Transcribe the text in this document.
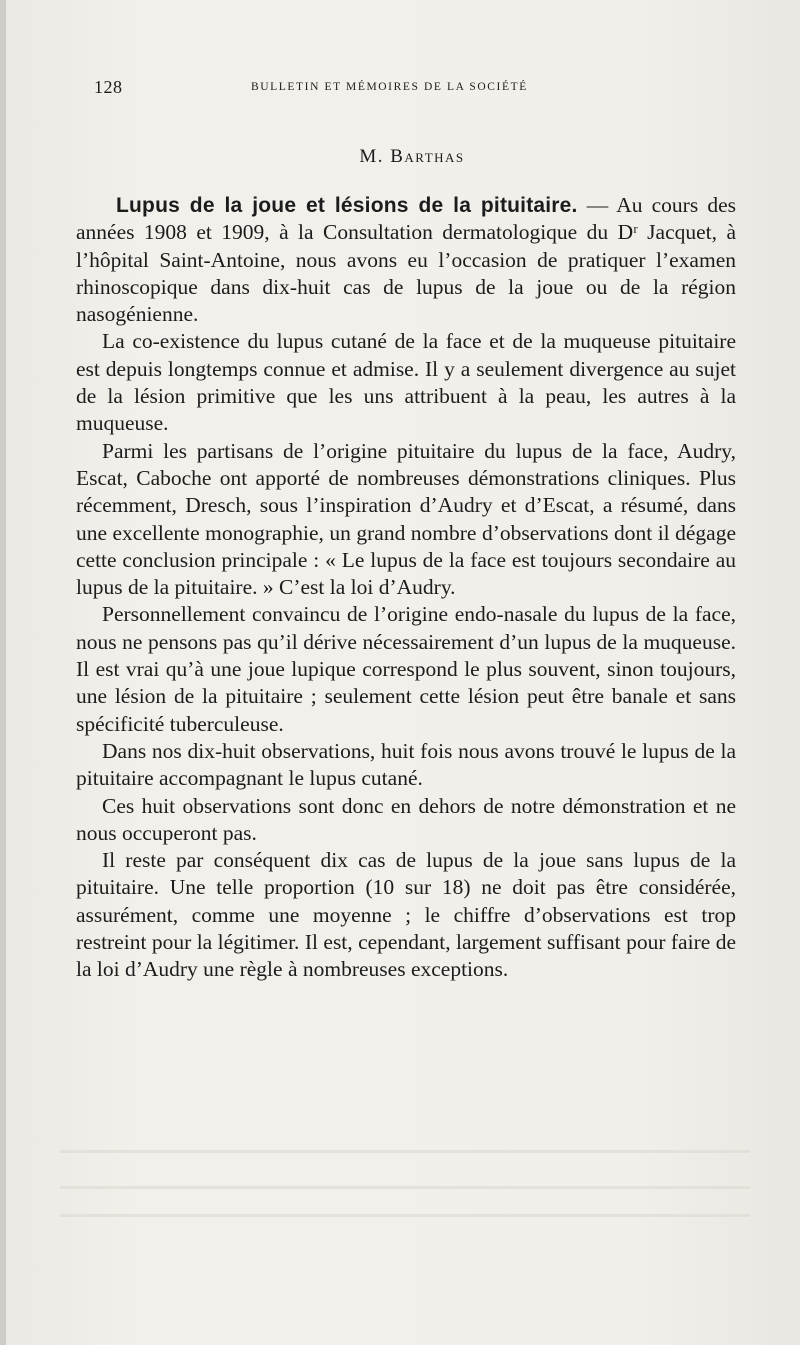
128	BULLETIN ET MÉMOIRES DE LA SOCIÉTÉ
M. Barthas

Lupus de la joue et lésions de la pituitaire. — Au cours des années 1908 et 1909, à la Consultation dermatologique du Dʳ Jacquet, à l’hôpital Saint-Antoine, nous avons eu l’occasion de pratiquer l’examen rhinoscopique dans dix-huit cas de lupus de la joue ou de la région nasogénienne.

La co-existence du lupus cutané de la face et de la muqueuse pituitaire est depuis longtemps connue et admise. Il y a seulement divergence au sujet de la lésion primitive que les uns attribuent à la peau, les autres à la muqueuse.

Parmi les partisans de l’origine pituitaire du lupus de la face, Audry, Escat, Caboche ont apporté de nombreuses démonstrations cliniques. Plus récemment, Dresch, sous l’inspiration d’Audry et d’Escat, a résumé, dans une excellente monographie, un grand nombre d’observations dont il dégage cette conclusion principale : « Le lupus de la face est toujours secondaire au lupus de la pituitaire. » C’est la loi d’Audry.

Personnellement convaincu de l’origine endo-nasale du lupus de la face, nous ne pensons pas qu’il dérive nécessairement d’un lupus de la muqueuse. Il est vrai qu’à une joue lupique correspond le plus souvent, sinon toujours, une lésion de la pituitaire ; seulement cette lésion peut être banale et sans spécificité tuberculeuse.

Dans nos dix-huit observations, huit fois nous avons trouvé le lupus de la pituitaire accompagnant le lupus cutané.

Ces huit observations sont donc en dehors de notre démonstration et ne nous occuperont pas.

Il reste par conséquent dix cas de lupus de la joue sans lupus de la pituitaire. Une telle proportion (10 sur 18) ne doit pas être considérée, assurément, comme une moyenne ; le chiffre d’observations est trop restreint pour la légitimer. Il est, cependant, largement suffisant pour faire de la loi d’Audry une règle à nombreuses exceptions.
